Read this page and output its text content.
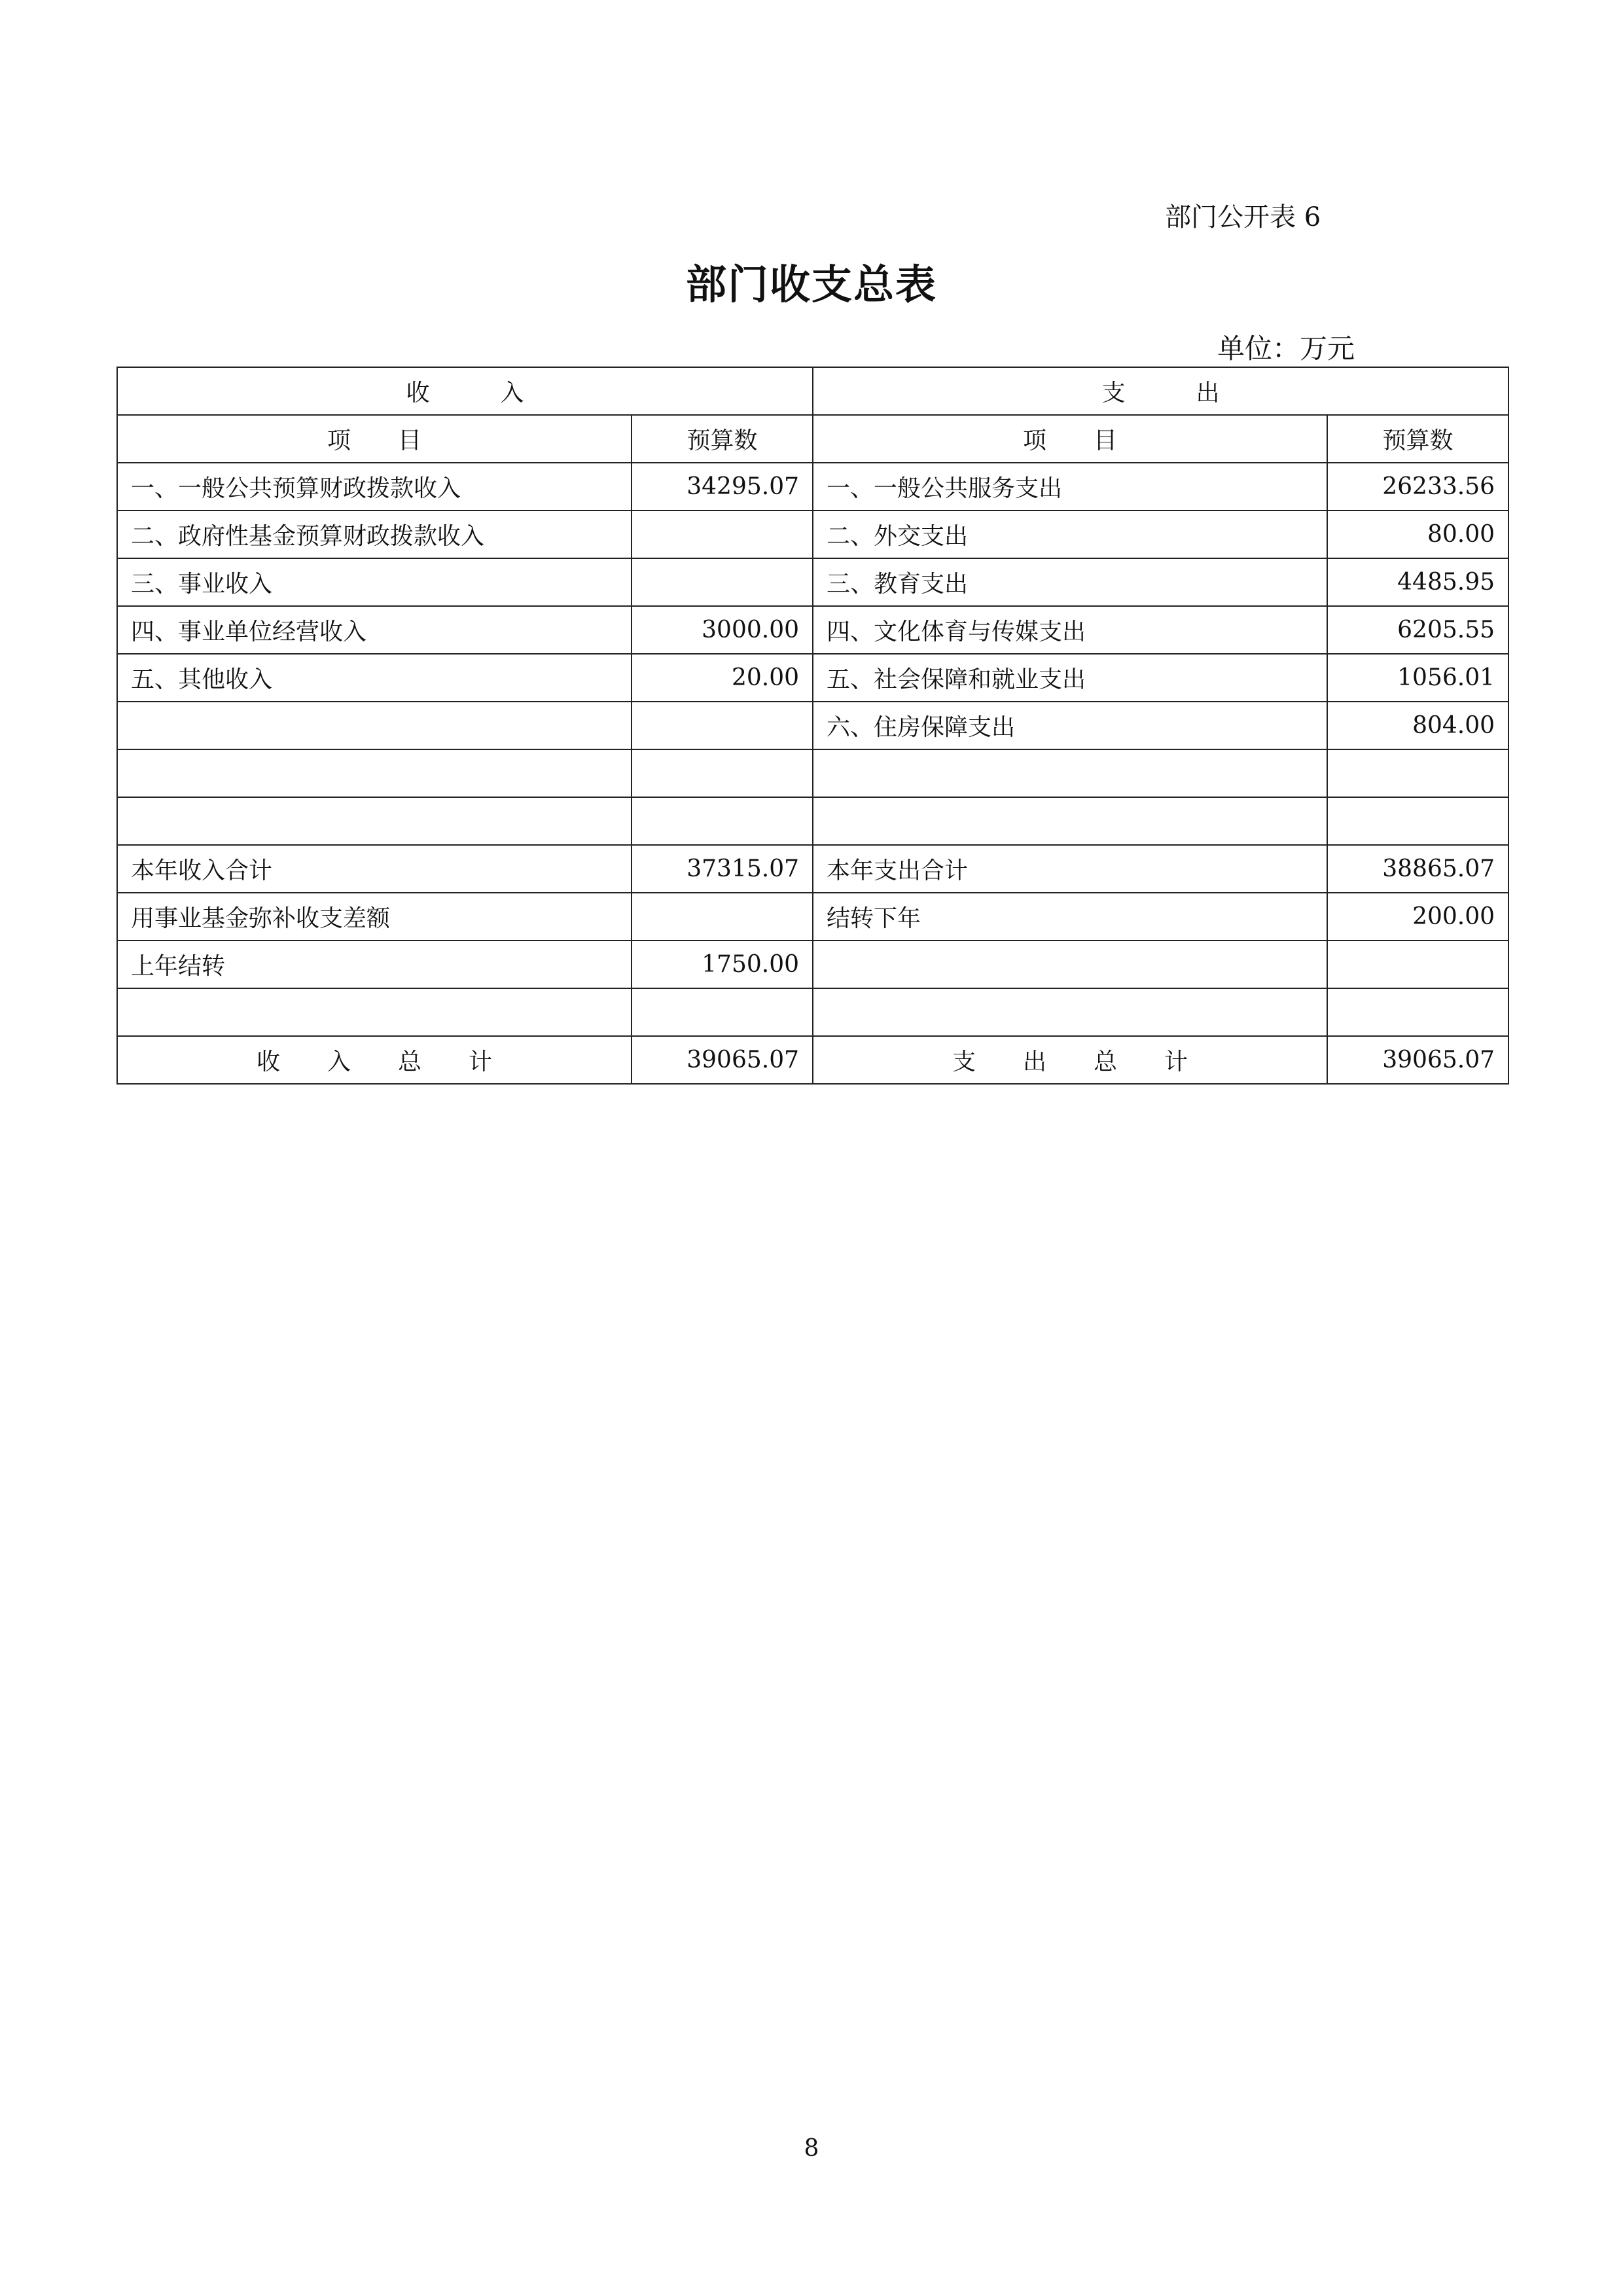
部门公开表 6
部门收支总表
单位：万元
收　　　入		支　　　出	
项　　目	预算数	项　　目	预算数
一、一般公共预算财政拨款收入	34295.07	一、一般公共服务支出	26233.56
二、政府性基金预算财政拨款收入		二、外交支出	80.00
三、事业收入		三、教育支出	4485.95
四、事业单位经营收入	3000.00	四、文化体育与传媒支出	6205.55
五、其他收入	20.00	五、社会保障和就业支出	1056.01
		六、住房保障支出	804.00

本年收入合计	37315.07	本年支出合计	38865.07
用事业基金弥补收支差额		结转下年	200.00
上年结转	1750.00		

收　　入　　总　　计	39065.07	支　　出　　总　　计	39065.07
8
